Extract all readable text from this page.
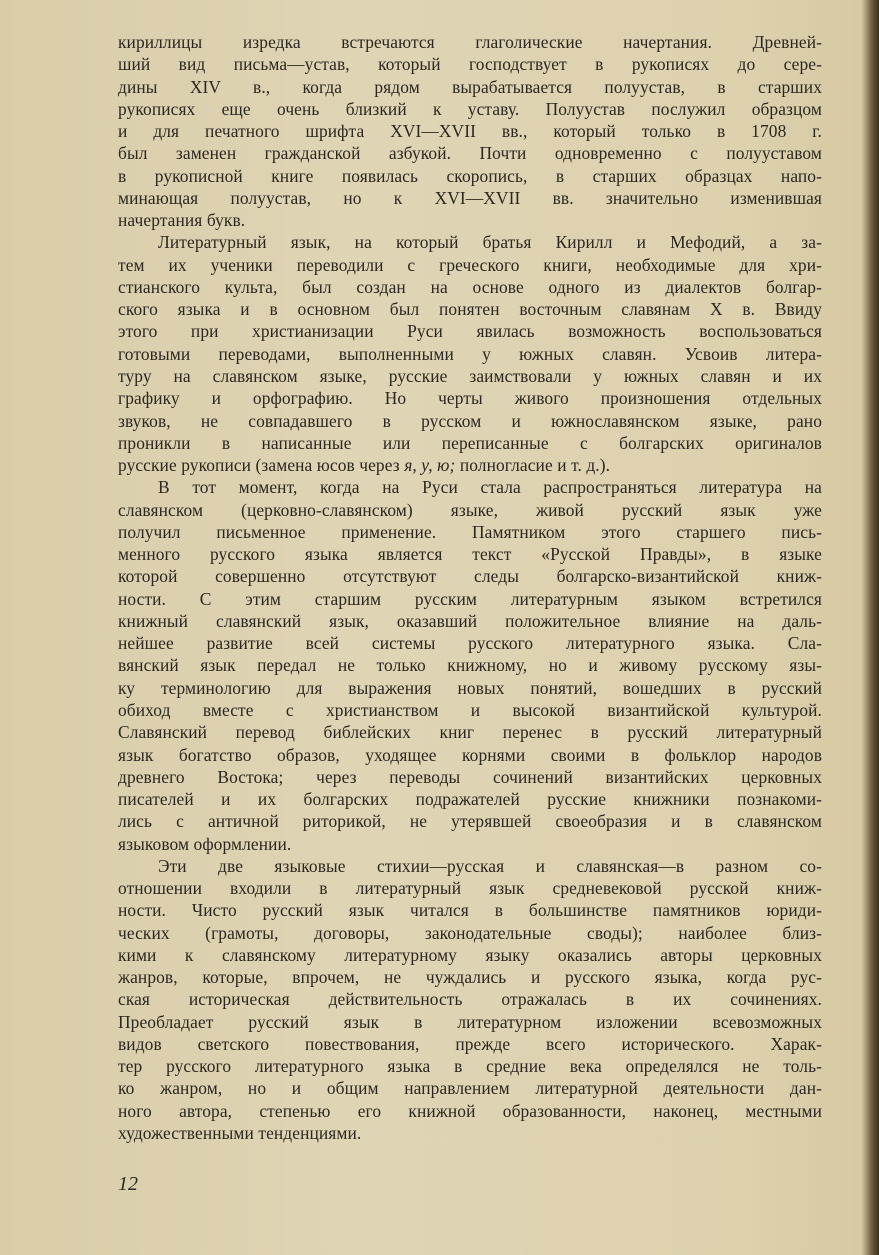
кириллицы изредка встречаются глаголические начертания. Древней-
ший вид письма—устав, который господствует в рукописях до сере-
дины XIV в., когда рядом вырабатывается полуустав, в старших
рукописях еще очень близкий к уставу. Полуустав послужил образцом
и для печатного шрифта XVI—XVII вв., который только в 1708 г.
был заменен гражданской азбукой. Почти одновременно с полууставом
в рукописной книге появилась скоропись, в старших образцах напо-
минающая полуустав, но к XVI—XVII вв. значительно изменившая
начертания букв.
Литературный язык, на который братья Кирилл и Мефодий, а за-
тем их ученики переводили с греческого книги, необходимые для хри-
стианского культа, был создан на основе одного из диалектов болгар-
ского языка и в основном был понятен восточным славянам X в. Ввиду
этого при христианизации Руси явилась возможность воспользоваться
готовыми переводами, выполненными у южных славян. Усвоив литера-
туру на славянском языке, русские заимствовали у южных славян и их
графику и орфографию. Но черты живого произношения отдельных
звуков, не совпадавшего в русском и южнославянском языке, рано
проникли в написанные или переписанные с болгарских оригиналов
русские рукописи (замена юсов через я, у, ю; полногласие и т. д.).
В тот момент, когда на Руси стала распространяться литература на
славянском (церковно-славянском) языке, живой русский язык уже
получил письменное применение. Памятником этого старшего пись-
менного русского языка является текст «Русской Правды», в языке
которой совершенно отсутствуют следы болгарско-византийской книж-
ности. С этим старшим русским литературным языком встретился
книжный славянский язык, оказавший положительное влияние на даль-
нейшее развитие всей системы русского литературного языка. Сла-
вянский язык передал не только книжному, но и живому русскому язы-
ку терминологию для выражения новых понятий, вошедших в русский
обиход вместе с христианством и высокой византийской культурой.
Славянский перевод библейских книг перенес в русский литературный
язык богатство образов, уходящее корнями своими в фольклор народов
древнего Востока; через переводы сочинений византийских церковных
писателей и их болгарских подражателей русские книжники познакоми-
лись с античной риторикой, не утерявшей своеобразия и в славянском
языковом оформлении.
Эти две языковые стихии—русская и славянская—в разном со-
отношении входили в литературный язык средневековой русской книж-
ности. Чисто русский язык читался в большинстве памятников юриди-
ческих (грамоты, договоры, законодательные своды); наиболее близ-
кими к славянскому литературному языку оказались авторы церковных
жанров, которые, впрочем, не чуждались и русского языка, когда рус-
ская историческая действительность отражалась в их сочинениях.
Преобладает русский язык в литературном изложении всевозможных
видов светского повествования, прежде всего исторического. Харак-
тер русского литературного языка в средние века определялся не толь-
ко жанром, но и общим направлением литературной деятельности дан-
ного автора, степенью его книжной образованности, наконец, местными
художественными тенденциями.
12
